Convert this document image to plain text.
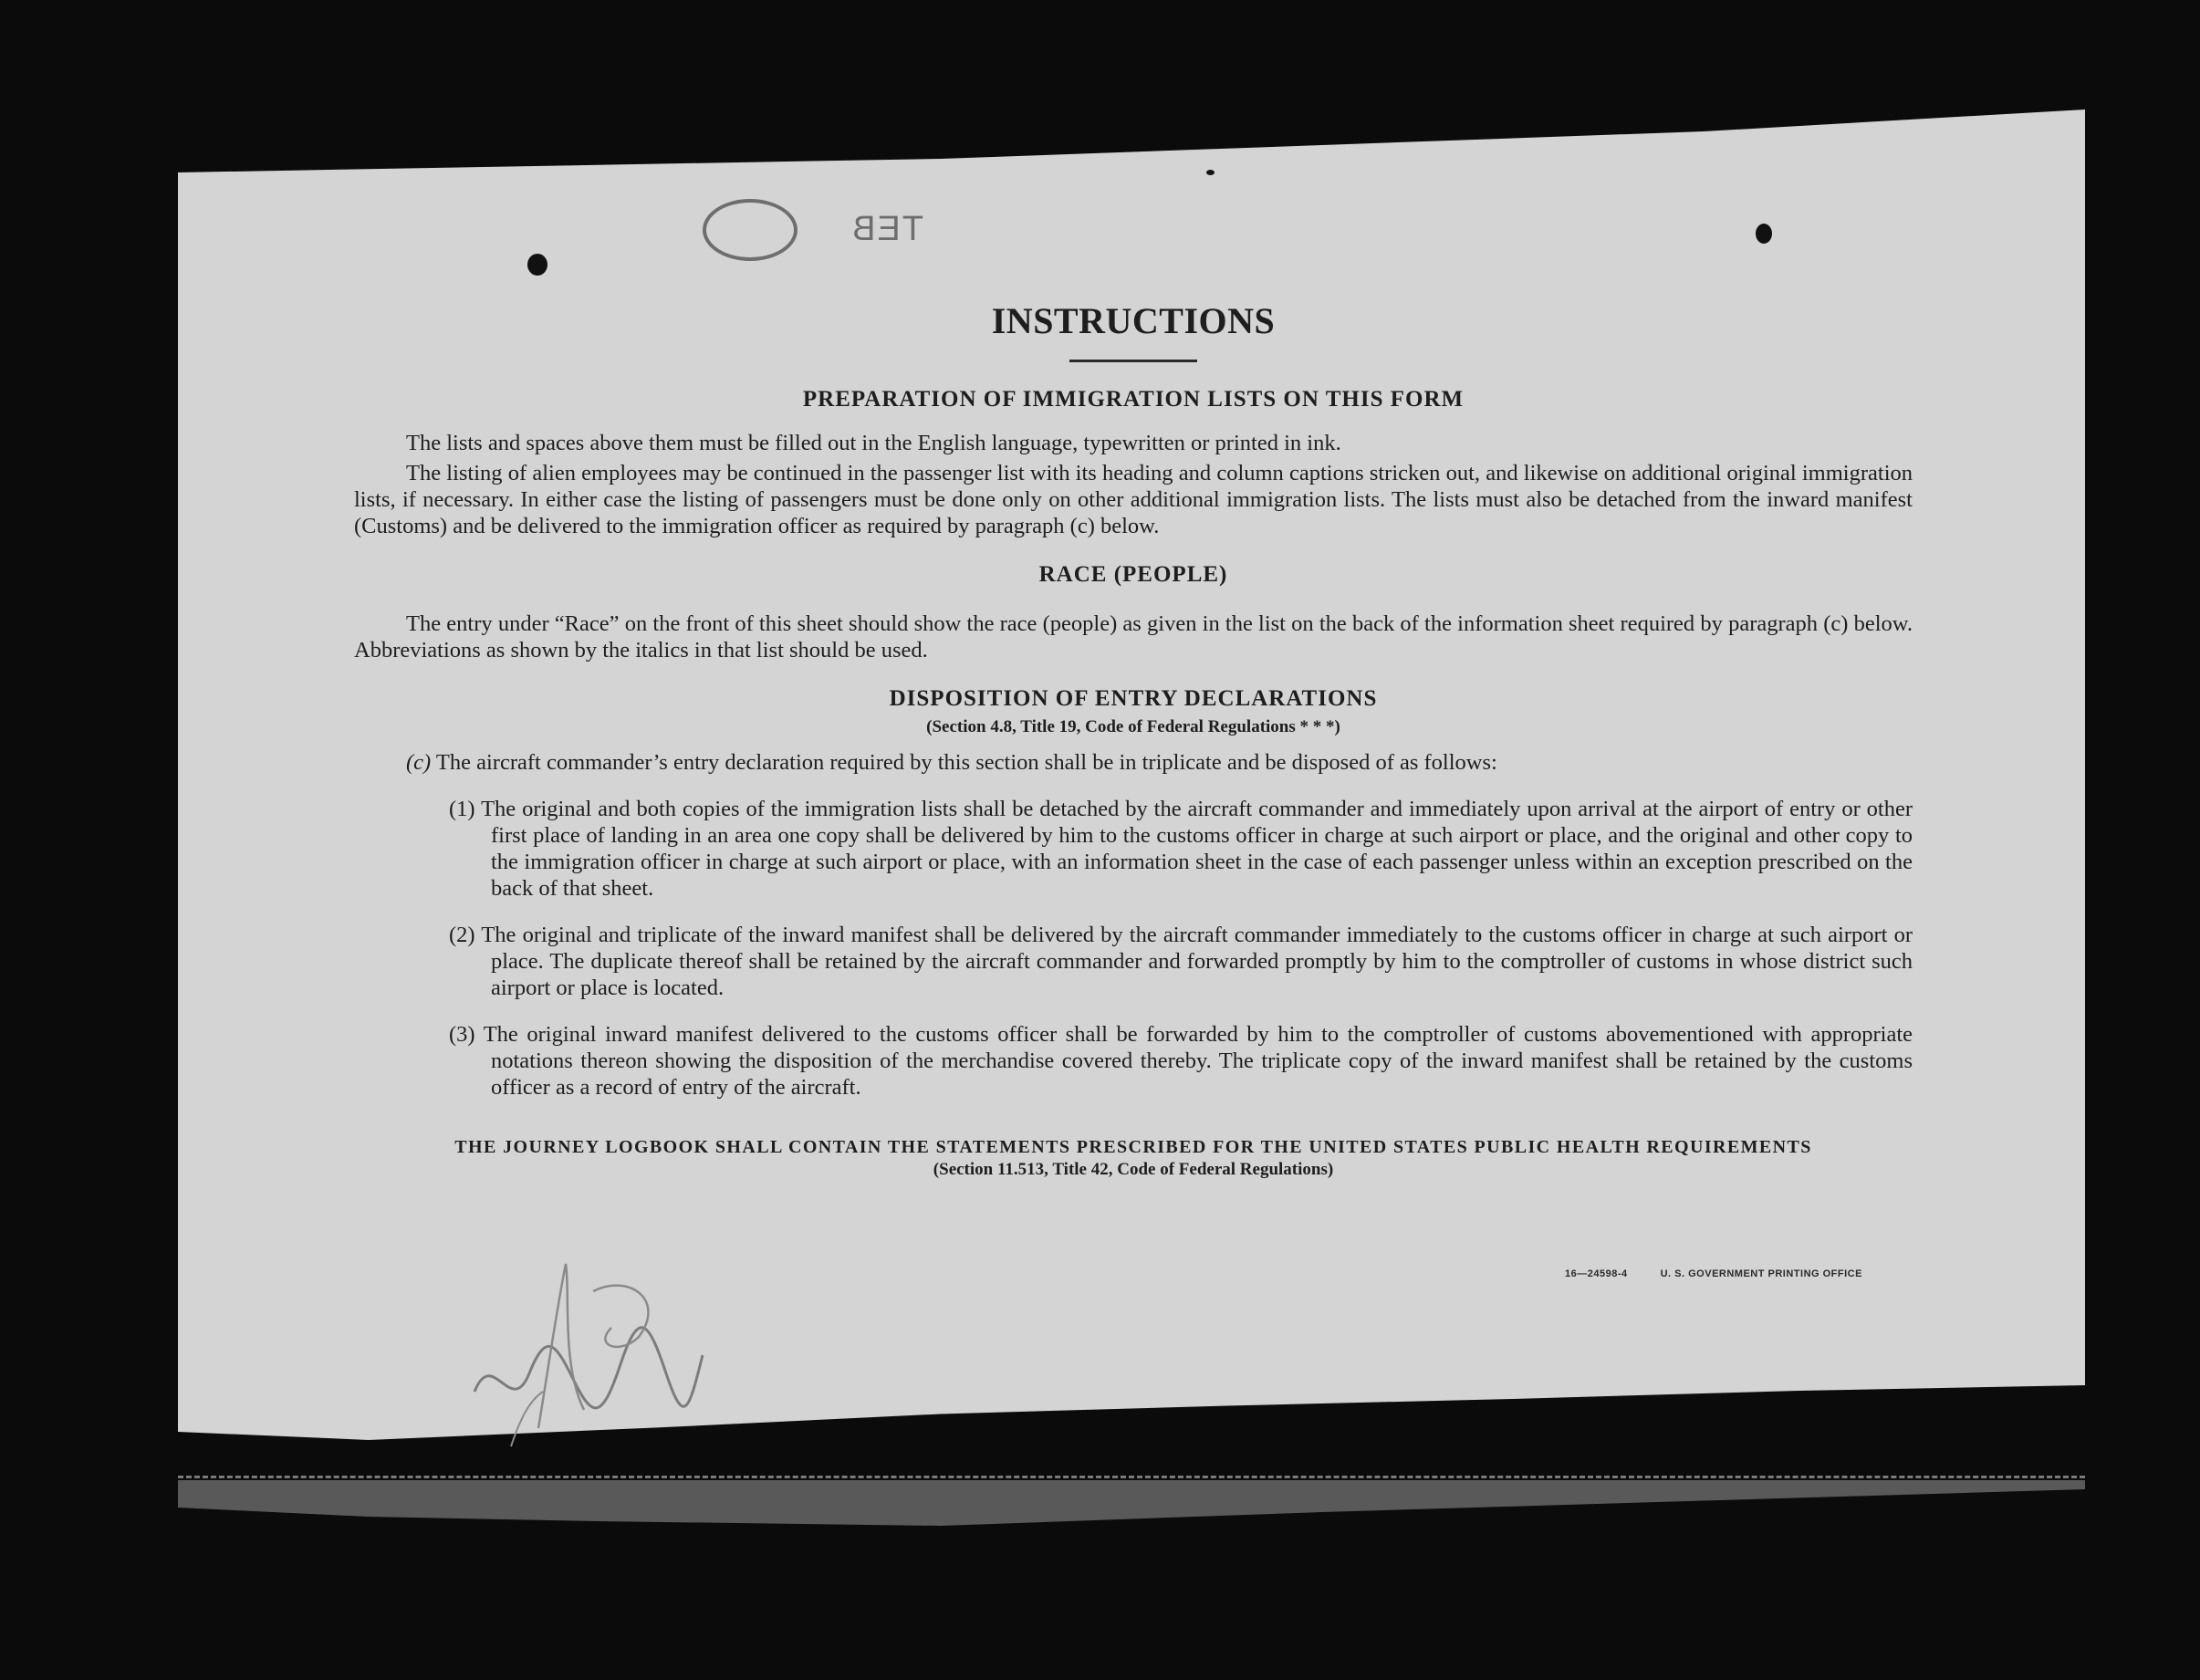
TEB
INSTRUCTIONS
PREPARATION OF IMMIGRATION LISTS ON THIS FORM

The lists and spaces above them must be filled out in the English language, typewritten or printed in ink.

The listing of alien employees may be continued in the passenger list with its heading and column captions stricken out, and likewise on additional original immigration lists, if necessary. In either case the listing of passengers must be done only on other additional immigration lists. The lists must also be detached from the inward manifest (Customs) and be delivered to the immigration officer as required by paragraph (c) below.

RACE (PEOPLE)

The entry under “Race” on the front of this sheet should show the race (people) as given in the list on the back of the information sheet required by paragraph (c) below. Abbreviations as shown by the italics in that list should be used.

DISPOSITION OF ENTRY DECLARATIONS
(Section 4.8, Title 19, Code of Federal Regulations * * *)

(c) The aircraft commander’s entry declaration required by this section shall be in triplicate and be disposed of as follows:

(1) The original and both copies of the immigration lists shall be detached by the aircraft commander and immediately upon arrival at the airport of entry or other first place of landing in an area one copy shall be delivered by him to the customs officer in charge at such airport or place, and the original and other copy to the immigration officer in charge at such airport or place, with an information sheet in the case of each passenger unless within an exception prescribed on the back of that sheet.
(2) The original and triplicate of the inward manifest shall be delivered by the aircraft commander immediately to the customs officer in charge at such airport or place. The duplicate thereof shall be retained by the aircraft commander and forwarded promptly by him to the comptroller of customs in whose district such airport or place is located.
(3) The original inward manifest delivered to the customs officer shall be forwarded by him to the comptroller of customs abovementioned with appropriate notations thereon showing the disposition of the merchandise covered thereby. The triplicate copy of the inward manifest shall be retained by the customs officer as a record of entry of the aircraft.
THE JOURNEY LOGBOOK SHALL CONTAIN THE STATEMENTS PRESCRIBED FOR THE UNITED STATES PUBLIC HEALTH REQUIREMENTS
(Section 11.513, Title 42, Code of Federal Regulations)
16—24598-4	U. S. GOVERNMENT PRINTING OFFICE
